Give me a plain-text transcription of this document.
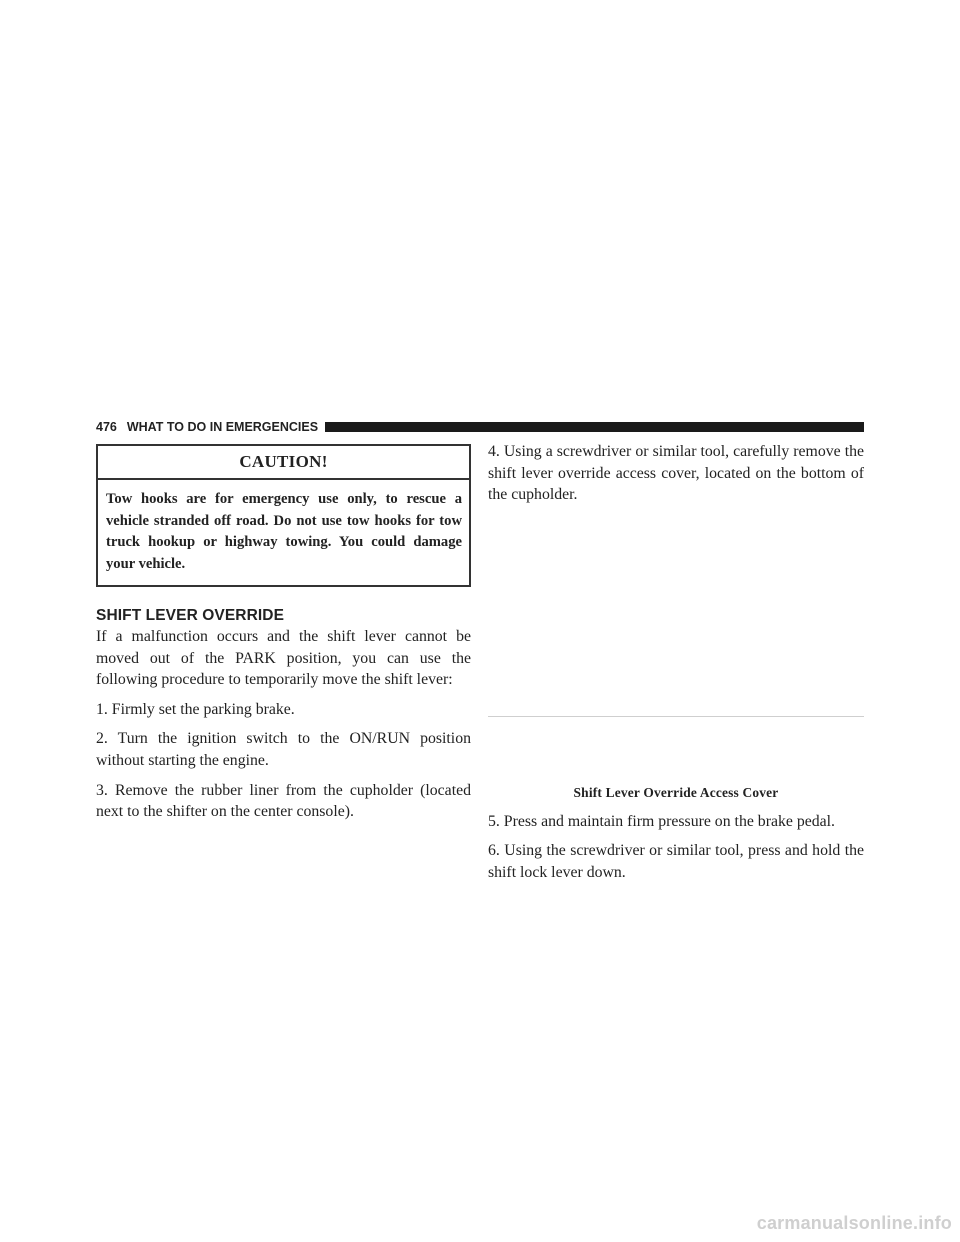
476 WHAT TO DO IN EMERGENCIES
CAUTION!
Tow hooks are for emergency use only, to rescue a vehicle stranded off road. Do not use tow hooks for tow truck hookup or highway towing. You could damage your vehicle.
SHIFT LEVER OVERRIDE

If a malfunction occurs and the shift lever cannot be moved out of the PARK position, you can use the following procedure to temporarily move the shift lever:

1. Firmly set the parking brake.

2. Turn the ignition switch to the ON/RUN position without starting the engine.

3. Remove the rubber liner from the cupholder (located next to the shifter on the center console).

4. Using a screwdriver or similar tool, carefully remove the shift lever override access cover, located on the bottom of the cupholder.

Shift Lever Override Access Cover

5. Press and maintain firm pressure on the brake pedal.

6. Using the screwdriver or similar tool, press and hold the shift lock lever down.

carmanualsonline.info
